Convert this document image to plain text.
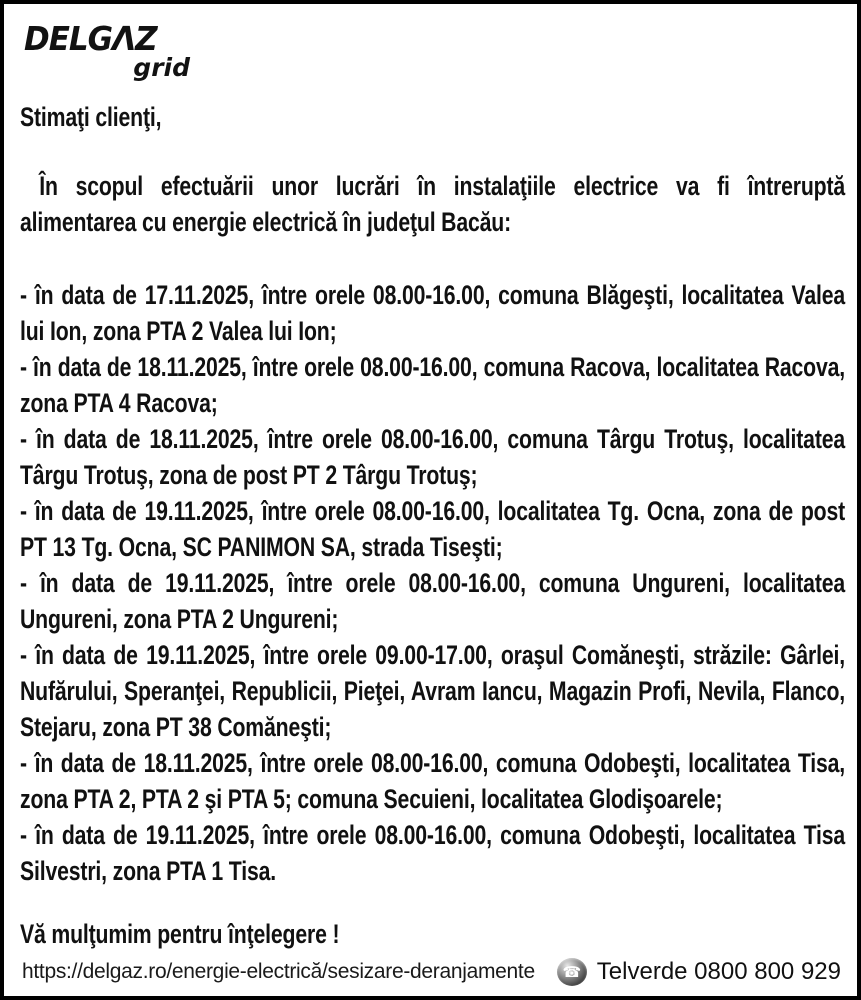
DELGΛZ
grid
Stimaţi clienţi,
În scopul efectuării unor lucrări în instalaţiile electrice va fi întreruptă alimentarea cu energie electrică în judeţul Bacău:
- în data de 17.11.2025, între orele 08.00-16.00, comuna Blăgeşti, localitatea Valea lui Ion, zona PTA 2 Valea lui Ion;
- în data de 18.11.2025, între orele 08.00-16.00, comuna Racova, localitatea Racova, zona PTA 4 Racova;
- în data de 18.11.2025, între orele 08.00-16.00, comuna Târgu Trotuş, localitatea Târgu Trotuş, zona de post PT 2 Târgu Trotuş;
- în data de 19.11.2025, între orele 08.00-16.00, localitatea Tg. Ocna, zona de post PT 13 Tg. Ocna, SC PANIMON SA, strada Tiseşti;
- în data de 19.11.2025, între orele 08.00-16.00, comuna Ungureni, localitatea Ungureni, zona PTA 2 Ungureni;
- în data de 19.11.2025, între orele 09.00-17.00, oraşul Comăneşti, străzile: Gârlei, Nufărului, Speranţei, Republicii, Pieţei, Avram Iancu, Magazin Profi, Nevila, Flanco, Stejaru, zona PT 38 Comăneşti;
- în data de 18.11.2025, între orele 08.00-16.00, comuna Odobeşti, localitatea Tisa, zona PTA 2, PTA 2 şi PTA 5; comuna Secuieni, localitatea Glodişoarele;
- în data de 19.11.2025, între orele 08.00-16.00, comuna Odobeşti, localitatea Tisa Silvestri, zona PTA 1 Tisa.
Vă mulţumim pentru înţelegere !
https://delgaz.ro/energie-electrică/sesizare-deranjamente	☎ Telverde 0800 800 929
